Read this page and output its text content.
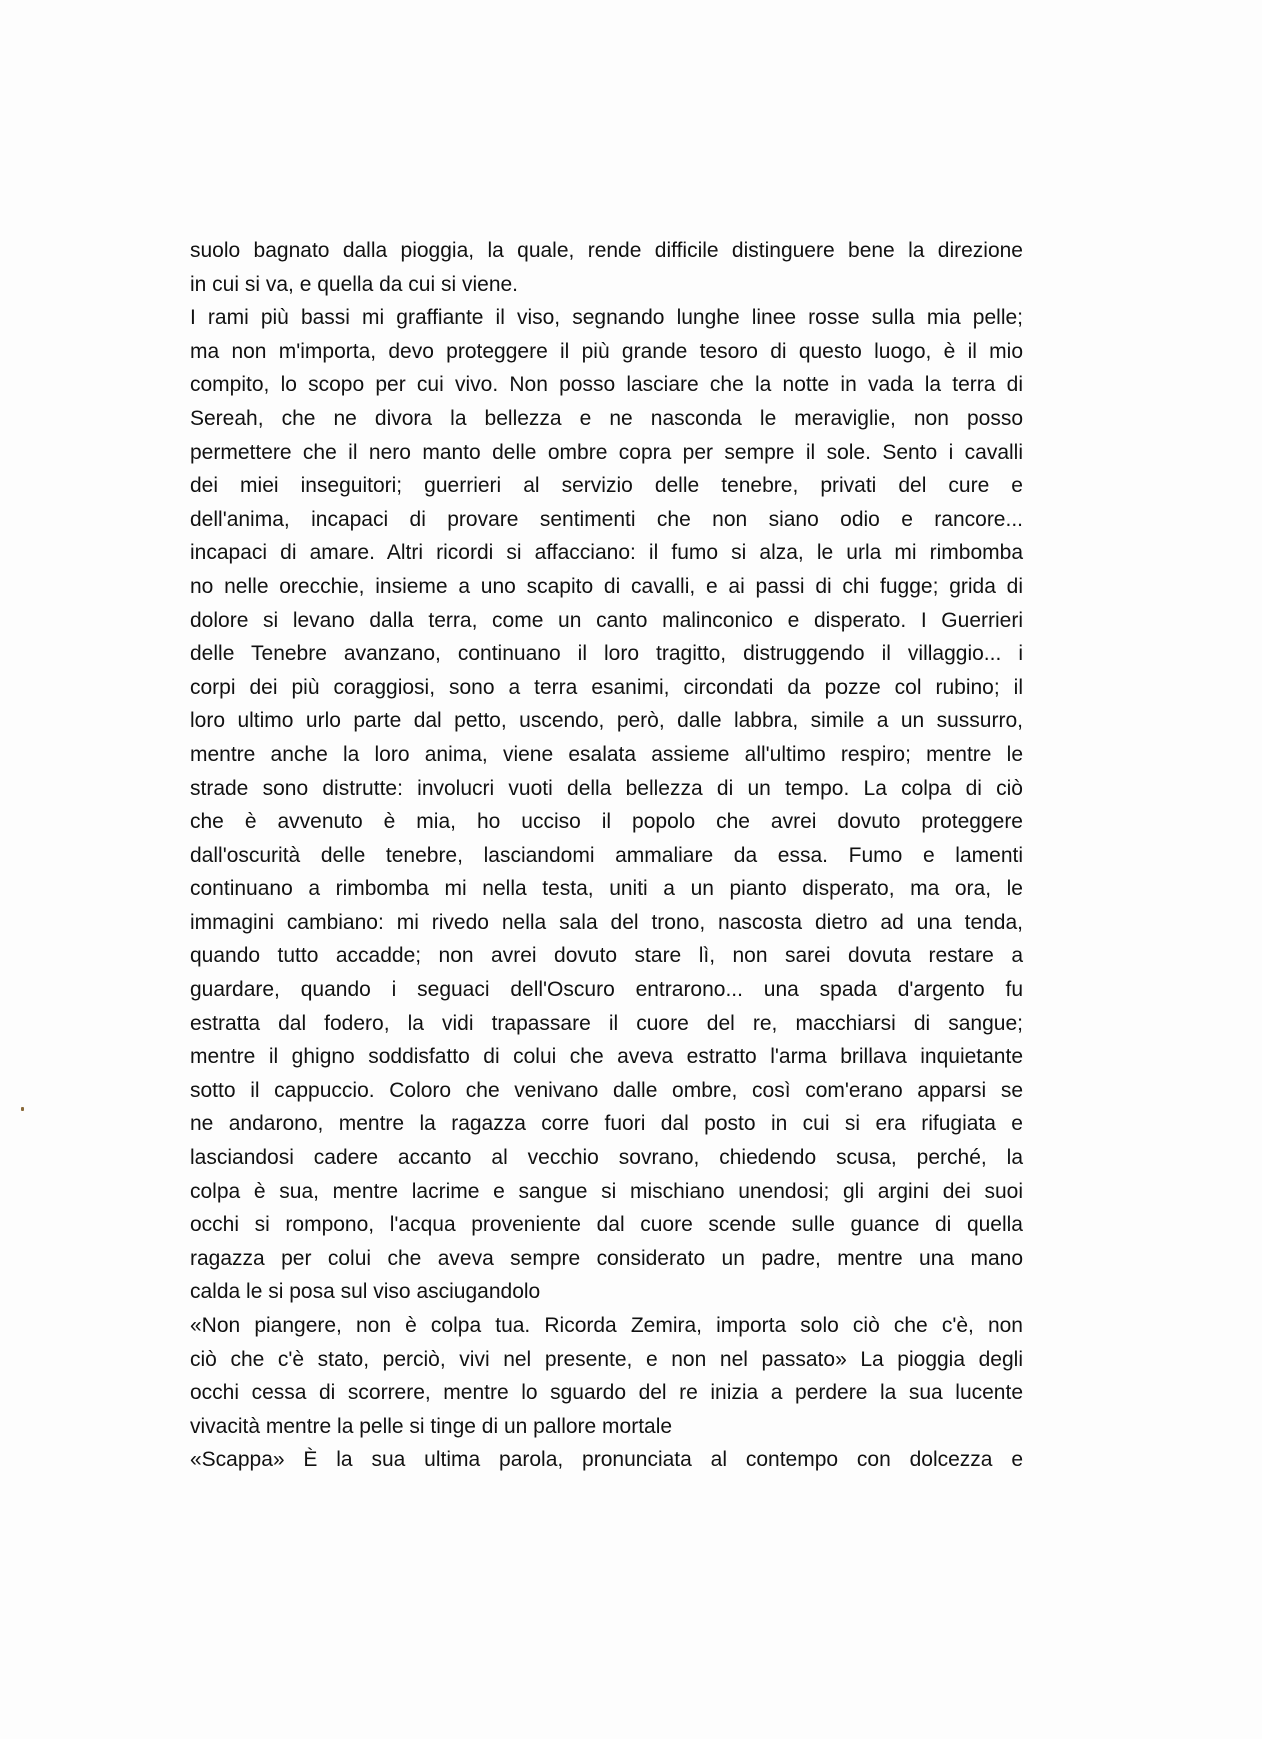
suolo bagnato dalla pioggia, la quale, rende difficile distinguere bene la direzione
in cui si va, e quella da cui si viene.
I rami più bassi mi graffiante il viso, segnando lunghe linee rosse sulla mia pelle;
ma non m'importa, devo proteggere il più grande tesoro di questo luogo, è il mio
compito, lo scopo per cui vivo. Non posso lasciare che la notte in vada la terra di
Sereah, che ne divora la bellezza e ne nasconda le meraviglie, non posso
permettere che il nero manto delle ombre copra per sempre il sole. Sento i cavalli
dei miei inseguitori; guerrieri al servizio delle tenebre, privati del cure e
dell'anima, incapaci di provare sentimenti che non siano odio e rancore...
incapaci di amare. Altri ricordi si affacciano: il fumo si alza, le urla mi rimbomba
no nelle orecchie, insieme a uno scapito di cavalli, e ai passi di chi fugge; grida di
dolore si levano dalla terra, come un canto malinconico e disperato. I Guerrieri
delle Tenebre avanzano, continuano il loro tragitto, distruggendo il villaggio... i
corpi dei più coraggiosi, sono a terra esanimi, circondati da pozze col rubino; il
loro ultimo urlo parte dal petto, uscendo, però, dalle labbra, simile a un sussurro,
mentre anche la loro anima, viene esalata assieme all'ultimo respiro; mentre le
strade sono distrutte: involucri vuoti della bellezza di un tempo. La colpa di ciò
che è avvenuto è mia, ho ucciso il popolo che avrei dovuto proteggere
dall'oscurità delle tenebre, lasciandomi ammaliare da essa. Fumo e lamenti
continuano a rimbomba mi nella testa, uniti a un pianto disperato, ma ora, le
immagini cambiano: mi rivedo nella sala del trono, nascosta dietro ad una tenda,
quando tutto accadde; non avrei dovuto stare lì, non sarei dovuta restare a
guardare, quando i seguaci dell'Oscuro entrarono... una spada d'argento fu
estratta dal fodero, la vidi trapassare il cuore del re, macchiarsi di sangue;
mentre il ghigno soddisfatto di colui che aveva estratto l'arma brillava inquietante
sotto il cappuccio. Coloro che venivano dalle ombre, così com'erano apparsi se
ne andarono, mentre la ragazza corre fuori dal posto in cui si era rifugiata e
lasciandosi cadere accanto al vecchio sovrano, chiedendo scusa, perché, la
colpa è sua, mentre lacrime e sangue si mischiano unendosi; gli argini dei suoi
occhi si rompono, l'acqua proveniente dal cuore scende sulle guance di quella
ragazza per colui che aveva sempre considerato un padre, mentre una mano
calda le si posa sul viso asciugandolo
«Non piangere, non è colpa tua. Ricorda Zemira, importa solo ciò che c'è, non
ciò che c'è stato, perciò, vivi nel presente, e non nel passato» La pioggia degli
occhi cessa di scorrere, mentre lo sguardo del re inizia a perdere la sua lucente
vivacità mentre la pelle si tinge di un pallore mortale
«Scappa» È la sua ultima parola, pronunciata al contempo con dolcezza e
